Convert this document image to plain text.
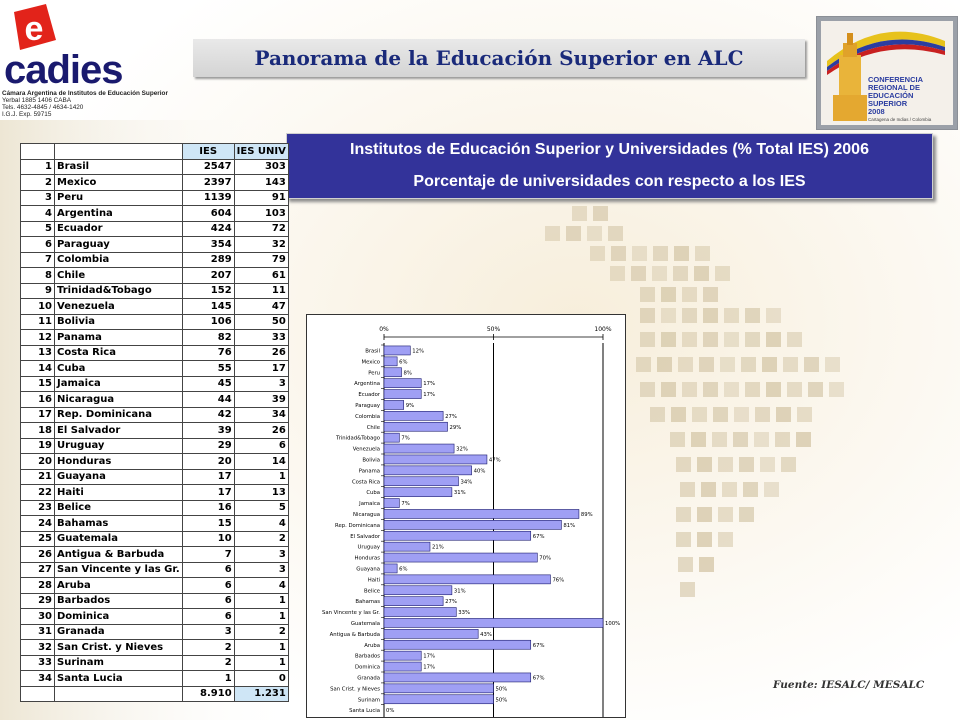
e
cadies
Cámara Argentina de Institutos de Educación Superior
Yerbal 1885 1406 CABA
Tels. 4632-4845 / 4634-1420
I.G.J. Exp. 59715
Panorama de la Educación Superior en ALC
CONFERENCIA
REGIONAL DE
EDUCACIÓN
SUPERIOR
2008
Cartagena de Indias / Colombia
Institutos de Educación Superior y Universidades (% Total IES) 2006
Porcentaje de universidades con respecto a los IES
		IES	IES UNIV
1	Brasil	2547	303
2	Mexico	2397	143
3	Peru	1139	91
4	Argentina	604	103
5	Ecuador	424	72
6	Paraguay	354	32
7	Colombia	289	79
8	Chile	207	61
9	Trinidad&Tobago	152	11
10	Venezuela	145	47
11	Bolivia	106	50
12	Panama	82	33
13	Costa Rica	76	26
14	Cuba	55	17
15	Jamaica	45	3
16	Nicaragua	44	39
17	Rep. Dominicana	42	34
18	El Salvador	39	26
19	Uruguay	29	6
20	Honduras	20	14
21	Guayana	17	1
22	Haiti	17	13
23	Belice	16	5
24	Bahamas	15	4
25	Guatemala	10	2
26	Antigua & Barbuda	7	3
27	San Vincente y las Gr.	6	3
28	Aruba	6	4
29	Barbados	6	1
30	Dominica	6	1
31	Granada	3	2
32	San Crist. y Nieves	2	1
33	Surinam	2	1
34	Santa Lucia	1	0
		8.910	1.231
0%	50%	100%
Brasil	12%
Mexico	6%
Peru	8%
Argentina	17%
Ecuador	17%
Paraguay	9%
Colombia	27%
Chile	29%
Trinidad&Tobago	7%
Venezuela	32%
Bolivia	47%
Panama	40%
Costa Rica	34%
Cuba	31%
Jamaica	7%
Nicaragua	89%
Rep. Dominicana	81%
El Salvador	67%
Uruguay	21%
Honduras	70%
Guayana	6%
Haiti	76%
Belice	31%
Bahamas	27%
San Vincente y las Gr.	33%
Guatemala	100%
Antigua & Barbuda	43%
Aruba	67%
Barbados	17%
Dominica	17%
Granada	67%
San Crist. y Nieves	50%
Surinam	50%
Santa Lucia 0%
Fuente: IESALC/ MESALC
